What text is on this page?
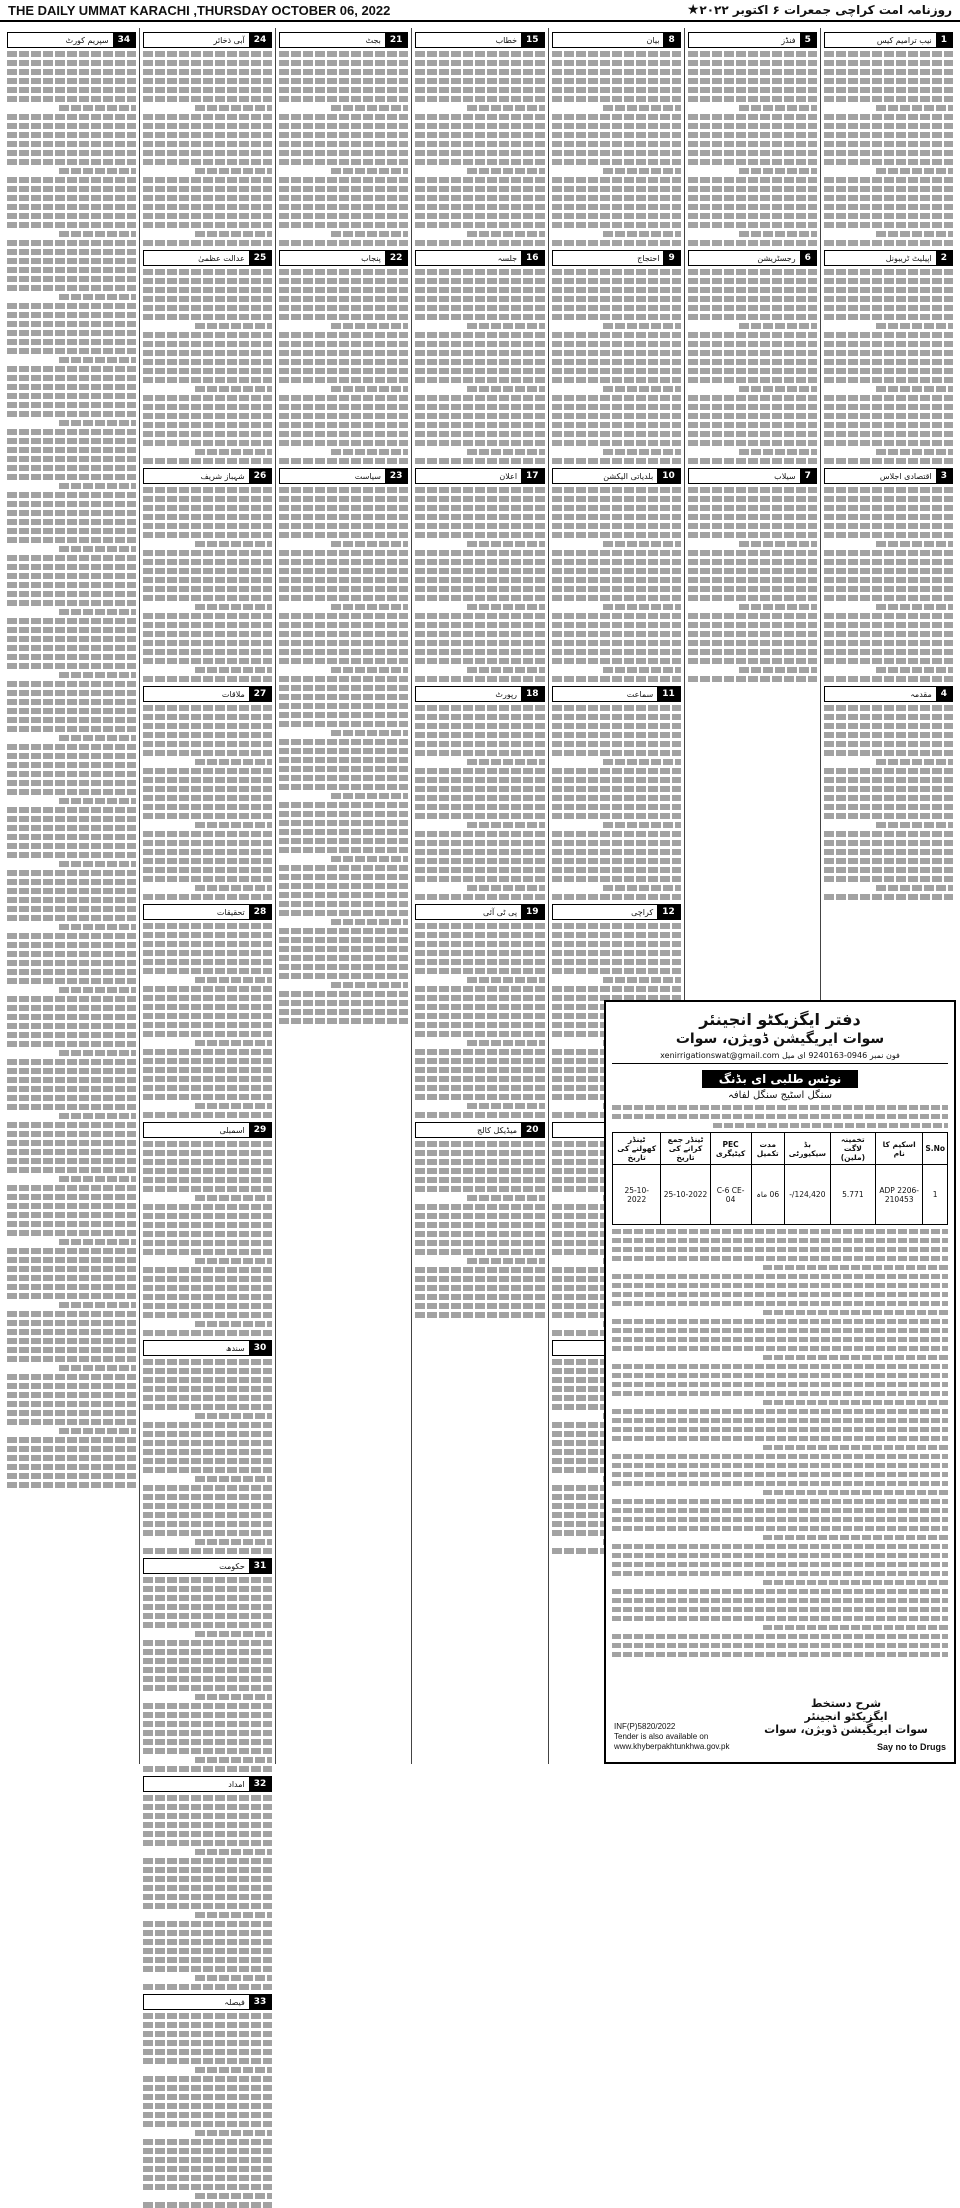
THE DAILY UMMAT KARACHI ,THURSDAY OCTOBER 06, 2022	روزنامہ امت کراچی جمعرات ۶ اکتوبر ۲۰۲۲★
1
نیب ترامیم کیس
2
اپیلیٹ ٹریبونل
3
اقتصادی اجلاس
4
مقدمہ
5
فنڈز
6
رجسٹریشن
7
سیلاب
8
بیان
9
احتجاج
10
بلدیاتی الیکشن
11
سماعت
12
کراچی
15
خطاب
16
جلسہ
17
اعلان
18
رپورٹ
19
پی ٹی آئی
20
میڈیکل کالج
21
بجٹ
22
پنجاب
23
سیاست
24
آبی ذخائر
25
عدالت عظمیٰ
26
شہباز شریف
27
ملاقات
28
تحقیقات
29
اسمبلی
30
سندھ
31
حکومت
32
امداد
33
فیصلہ
34
سپریم کورٹ
دفتر ایگزیکٹو انجینئر
سوات ایریگیشن ڈویژن، سوات
فون نمبر 0946-9240163 ای میل xenirrigationswat@gmail.com
نوٹس طلبی ای بڈنگ
سنگل اسٹیج سنگل لفافہ
S.No	اسکیم کا نام	تخمینہ لاگت (ملین)	بڈ سیکیورٹی	مدت تکمیل	PEC کیٹیگری	ٹینڈر جمع کرانے کی تاریخ	ٹینڈر کھولنے کی تاریخ
1	ADP 2206-210453	5.771	124,420/-	06 ماہ	C-6 CE-04	25-10-2022	25-10-2022
شرح دستخط
ایگزیکٹو انجینئر
سوات ایریگیشن ڈویژن، سوات
INF(P)5820/2022
Tender is also available on
www.khyberpakhtunkhwa.gov.pk	Say no to Drugs
